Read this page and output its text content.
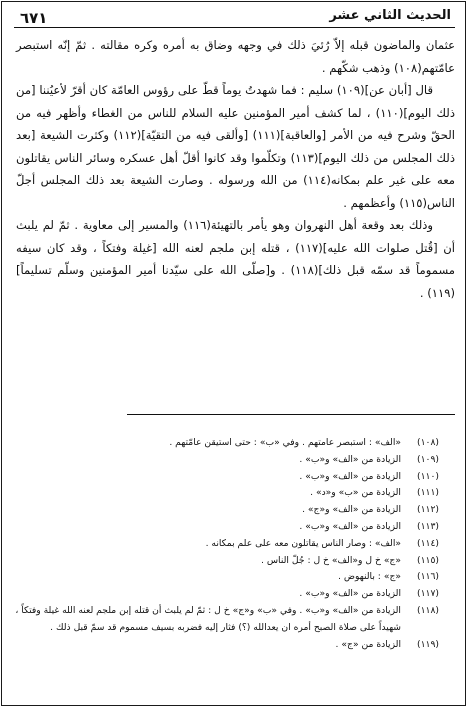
٦٧١	الحديث الثاني عشر

عثمان والماضون قبله إلاّ رُئيَ ذلك في وجهه وضاق به أمره وكره مقالته . ثمّ إنّه استبصر عامّتهم(١٠٨) وذهب شكّهم .

قال [أبان عن](١٠٩) سليم : فما شهدتُ يوماً قطّ على رؤوس العامّة كان أقرّ لأعيُننا [من ذلك اليوم](١١٠) ، لما كشف أمير المؤمنين عليه السلام للناس من الغطاء وأظهر فيه من الحقّ وشرح فيه من الأمر [والعاقبة](١١١) [وألقى فيه من التقيّة](١١٢) وكثرت الشيعة [بعد ذلك المجلس من ذلك اليوم](١١٣) وتكلّموا وقد كانوا أقلّ أهل عسكره وسائر الناس يقاتلون معه على غير علم بمكانه(١١٤) من الله ورسوله . وصارت الشيعة بعد ذلك المجلس أجلّ الناس(١١٥) وأعظمهم .

وذلك بعد وقعة أهل النهروان وهو يأمر بالتهيئة(١١٦) والمسير إلى معاوية . ثمّ لم يلبث أن [قُتل صلوات الله عليه](١١٧) ، قتله إبن ملجم لعنه الله [غيلة وفتكاً ، وقد كان سيفه مسموماً قد سمّه قبل ذلك](١١٨) . و[صلّى الله على سيّدنا أمير المؤمنين وسلّم تسليماً](١١٩) .

(١٠٨)«الف» : استبصر عامتهم . وفي «ب» : حتى استيقن عامّتهم .
(١٠٩)الزيادة من «الف» و«ب» .
(١١٠)الزيادة من «الف» و«ب» .
(١١١)الزيادة من «ب» و«د» .
(١١٢)الزيادة من «الف» و«ج» .
(١١٣)الزيادة من «الف» و«ب» .
(١١٤)«الف» : وصار الناس يقاتلون معه على علم بمكانه .
(١١٥)«ج» خ ل و«الف» خ ل : جُلّ الناس .
(١١٦)«ج» : بالنهوض .
(١١٧)الزيادة من «الف» و«ب» .
(١١٨)الزيادة من «الف» و«ب» . وفي «ب» و«ج» خ ل : ثمّ لم يلبث أن قتله إبن ملجم لعنه الله غيلة وفتكاً ،
شهيداً على صلاة الصبح أمره ان يعدالله (؟) فثار إليه فضربه بسيف مسموم قد سمّ قبل ذلك .
(١١٩)الزيادة من «ج» .
